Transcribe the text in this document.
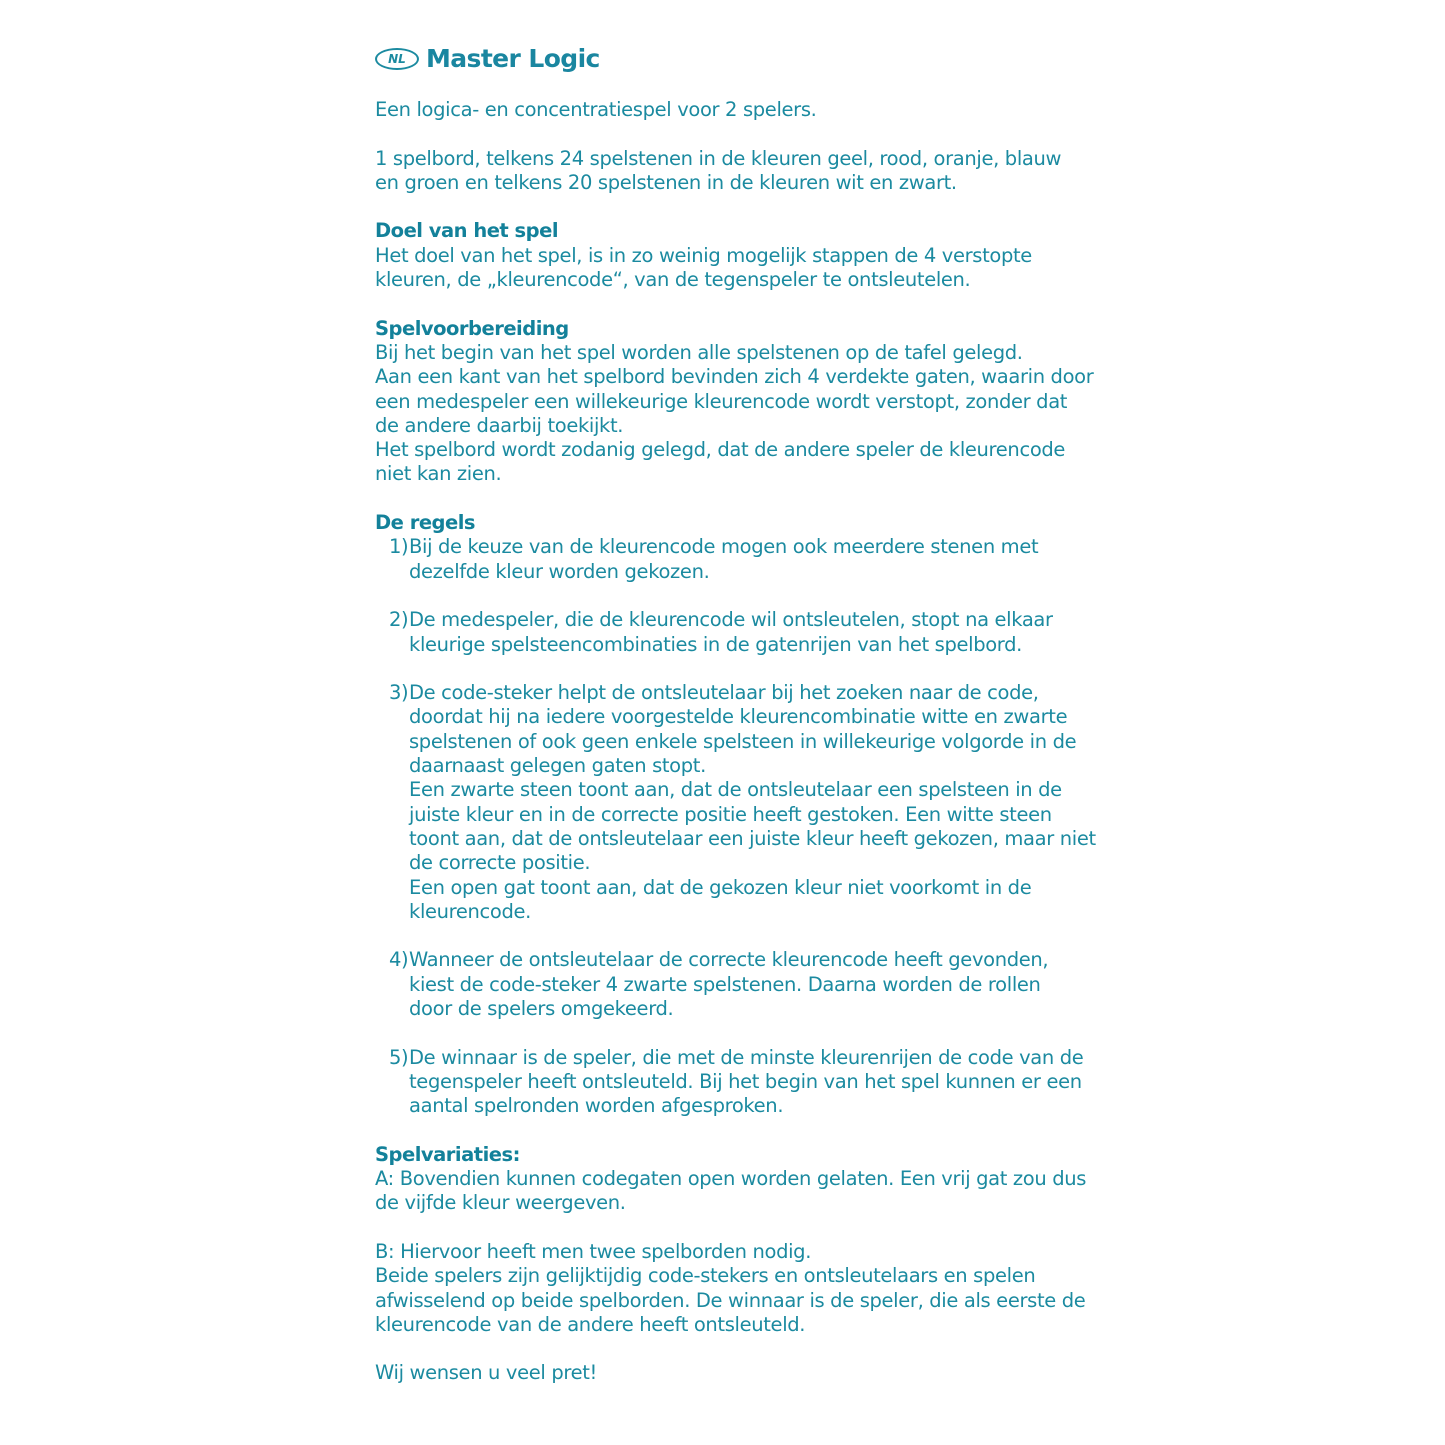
NL Master Logic

Een logica- en concentratiespel voor 2 spelers.

1 spelbord, telkens 24 spelstenen in de kleuren geel, rood, oranje, blauw
en groen en telkens 20 spelstenen in de kleuren wit en zwart.

Doel van het spel
Het doel van het spel, is in zo weinig mogelijk stappen de 4 verstopte
kleuren, de „kleurencode“, van de tegenspeler te ontsleutelen.

Spelvoorbereiding
Bij het begin van het spel worden alle spelstenen op de tafel gelegd.
Aan een kant van het spelbord bevinden zich 4 verdekte gaten, waarin door
een medespeler een willekeurige kleurencode wordt verstopt, zonder dat
de andere daarbij toekijkt.
Het spelbord wordt zodanig gelegd, dat de andere speler de kleurencode
niet kan zien.

De regels
1) Bij de keuze van de kleurencode mogen ook meerdere stenen met
dezelfde kleur worden gekozen.
2) De medespeler, die de kleurencode wil ontsleutelen, stopt na elkaar
kleurige spelsteencombinaties in de gatenrijen van het spelbord.
3) De code-steker helpt de ontsleutelaar bij het zoeken naar de code,
doordat hij na iedere voorgestelde kleurencombinatie witte en zwarte
spelstenen of ook geen enkele spelsteen in willekeurige volgorde in de
daarnaast gelegen gaten stopt.
Een zwarte steen toont aan, dat de ontsleutelaar een spelsteen in de
juiste kleur en in de correcte positie heeft gestoken. Een witte steen
toont aan, dat de ontsleutelaar een juiste kleur heeft gekozen, maar niet
de correcte positie.
Een open gat toont aan, dat de gekozen kleur niet voorkomt in de
kleurencode.
4) Wanneer de ontsleutelaar de correcte kleurencode heeft gevonden,
kiest de code-steker 4 zwarte spelstenen. Daarna worden de rollen
door de spelers omgekeerd.
5) De winnaar is de speler, die met de minste kleurenrijen de code van de
tegenspeler heeft ontsleuteld. Bij het begin van het spel kunnen er een
aantal spelronden worden afgesproken.

Spelvariaties:
A: Bovendien kunnen codegaten open worden gelaten. Een vrij gat zou dus
de vijfde kleur weergeven.

B: Hiervoor heeft men twee spelborden nodig.
Beide spelers zijn gelijktijdig code-stekers en ontsleutelaars en spelen
afwisselend op beide spelborden. De winnaar is de speler, die als eerste de
kleurencode van de andere heeft ontsleuteld.

Wij wensen u veel pret!
